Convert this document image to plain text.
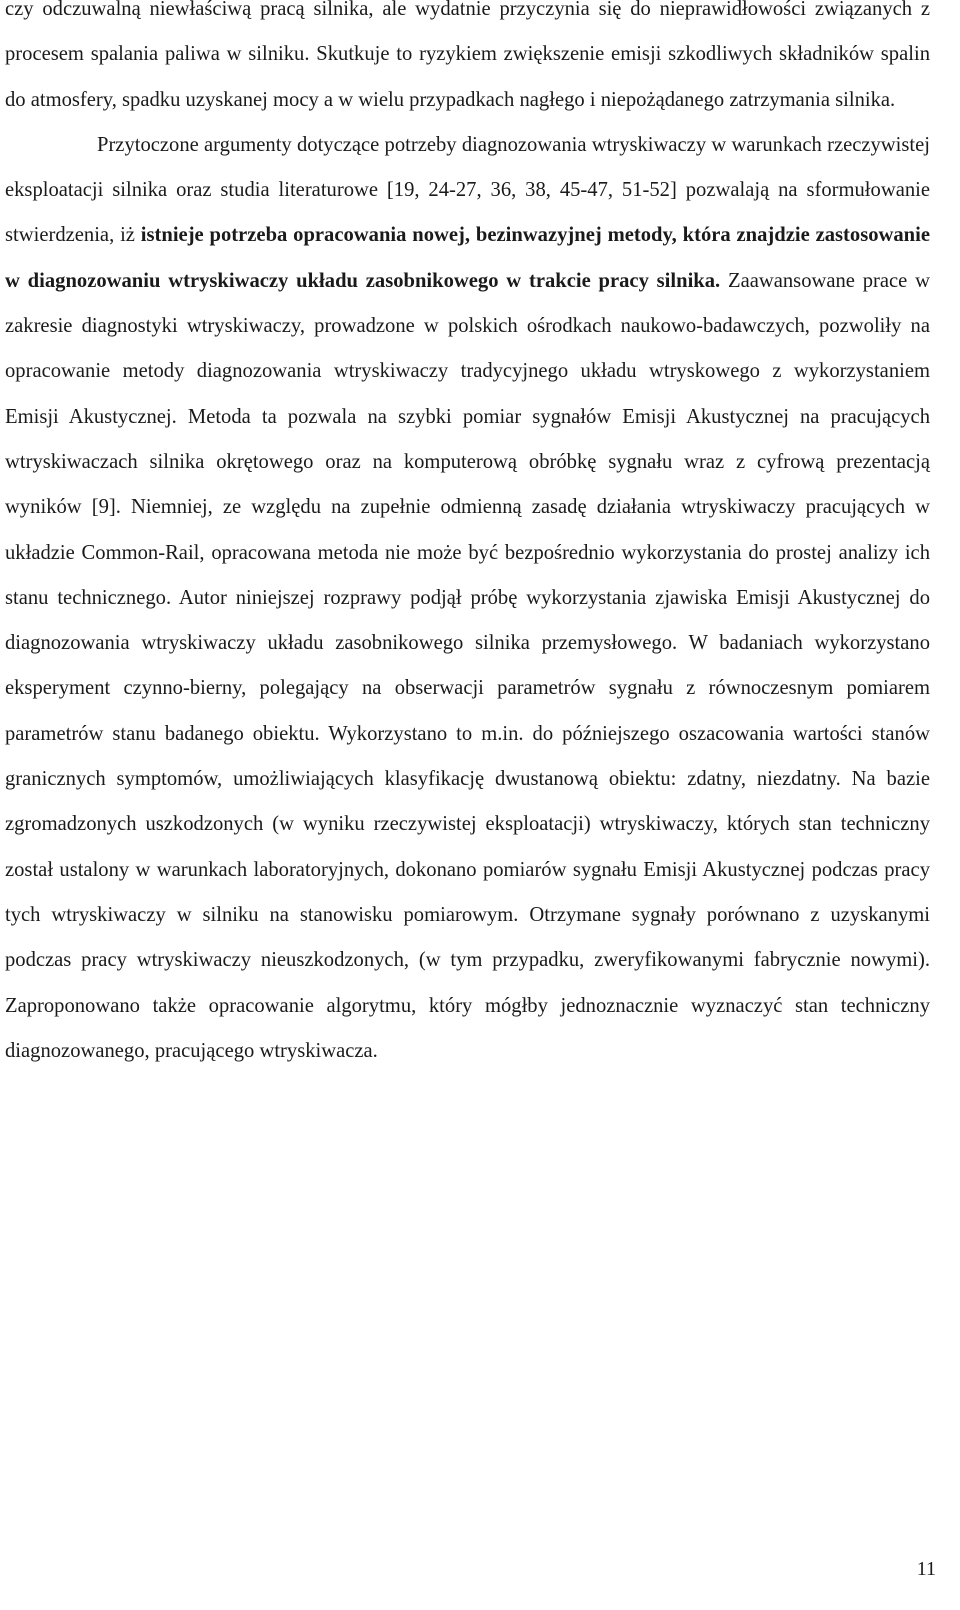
czy odczuwalną niewłaściwą pracą silnika, ale wydatnie przyczynia się do nieprawidłowości związanych z procesem spalania paliwa w silniku. Skutkuje to ryzykiem zwiększenie emisji szkodliwych składników spalin do atmosfery, spadku uzyskanej mocy a w wielu przypadkach nagłego i niepożądanego zatrzymania silnika.

Przytoczone argumenty dotyczące potrzeby diagnozowania wtryskiwaczy w warunkach rzeczywistej eksploatacji silnika oraz studia literaturowe [19, 24-27, 36, 38, 45-47, 51-52] pozwalają na sformułowanie stwierdzenia, iż istnieje potrzeba opracowania nowej, bezinwazyjnej metody, która znajdzie zastosowanie w diagnozowaniu wtryskiwaczy układu zasobnikowego w trakcie pracy silnika. Zaawansowane prace w zakresie diagnostyki wtryskiwaczy, prowadzone w polskich ośrodkach naukowo-badawczych, pozwoliły na opracowanie metody diagnozowania wtryskiwaczy tradycyjnego układu wtryskowego z wykorzystaniem Emisji Akustycznej. Metoda ta pozwala na szybki pomiar sygnałów Emisji Akustycznej na pracujących wtryskiwaczach silnika okrętowego oraz na komputerową obróbkę sygnału wraz z cyfrową prezentacją wyników [9]. Niemniej, ze względu na zupełnie odmienną zasadę działania wtryskiwaczy pracujących w układzie Common-Rail, opracowana metoda nie może być bezpośrednio wykorzystania do prostej analizy ich stanu technicznego. Autor niniejszej rozprawy podjął próbę wykorzystania zjawiska Emisji Akustycznej do diagnozowania wtryskiwaczy układu zasobnikowego silnika przemysłowego. W badaniach wykorzystano eksperyment czynno-bierny, polegający na obserwacji parametrów sygnału z równoczesnym pomiarem parametrów stanu badanego obiektu. Wykorzystano to m.in. do późniejszego oszacowania wartości stanów granicznych symptomów, umożliwiających klasyfikację dwustanową obiektu: zdatny, niezdatny. Na bazie zgromadzonych uszkodzonych (w wyniku rzeczywistej eksploatacji) wtryskiwaczy, których stan techniczny został ustalony w warunkach laboratoryjnych, dokonano pomiarów sygnału Emisji Akustycznej podczas pracy tych wtryskiwaczy w silniku na stanowisku pomiarowym. Otrzymane sygnały porównano z uzyskanymi podczas pracy wtryskiwaczy nieuszkodzonych, (w tym przypadku, zweryfikowanymi fabrycznie nowymi). Zaproponowano także opracowanie algorytmu, który mógłby jednoznacznie wyznaczyć stan techniczny diagnozowanego, pracującego wtryskiwacza.

11
